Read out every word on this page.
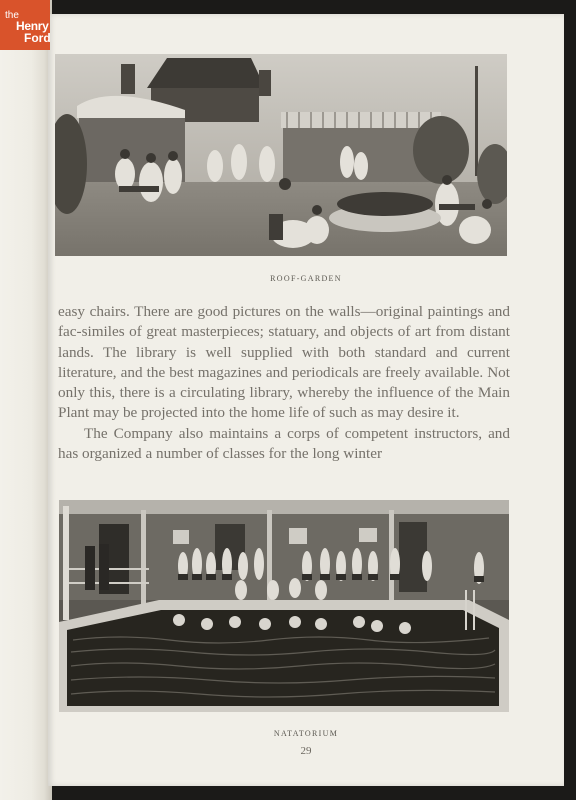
the
Henry
Ford
ROOF-GARDEN

easy chairs. There are good pictures on the walls—original paintings and fac-similes of great masterpieces; statuary, and objects of art from distant lands. The library is well supplied with both standard and current literature, and the best magazines and periodicals are freely available. Not only this, there is a circulating library, whereby the influence of the Main Plant may be projected into the home life of such as may desire it.

The Company also maintains a corps of competent instructors, and has organized a number of classes for the long winter

NATATORIUM
29
